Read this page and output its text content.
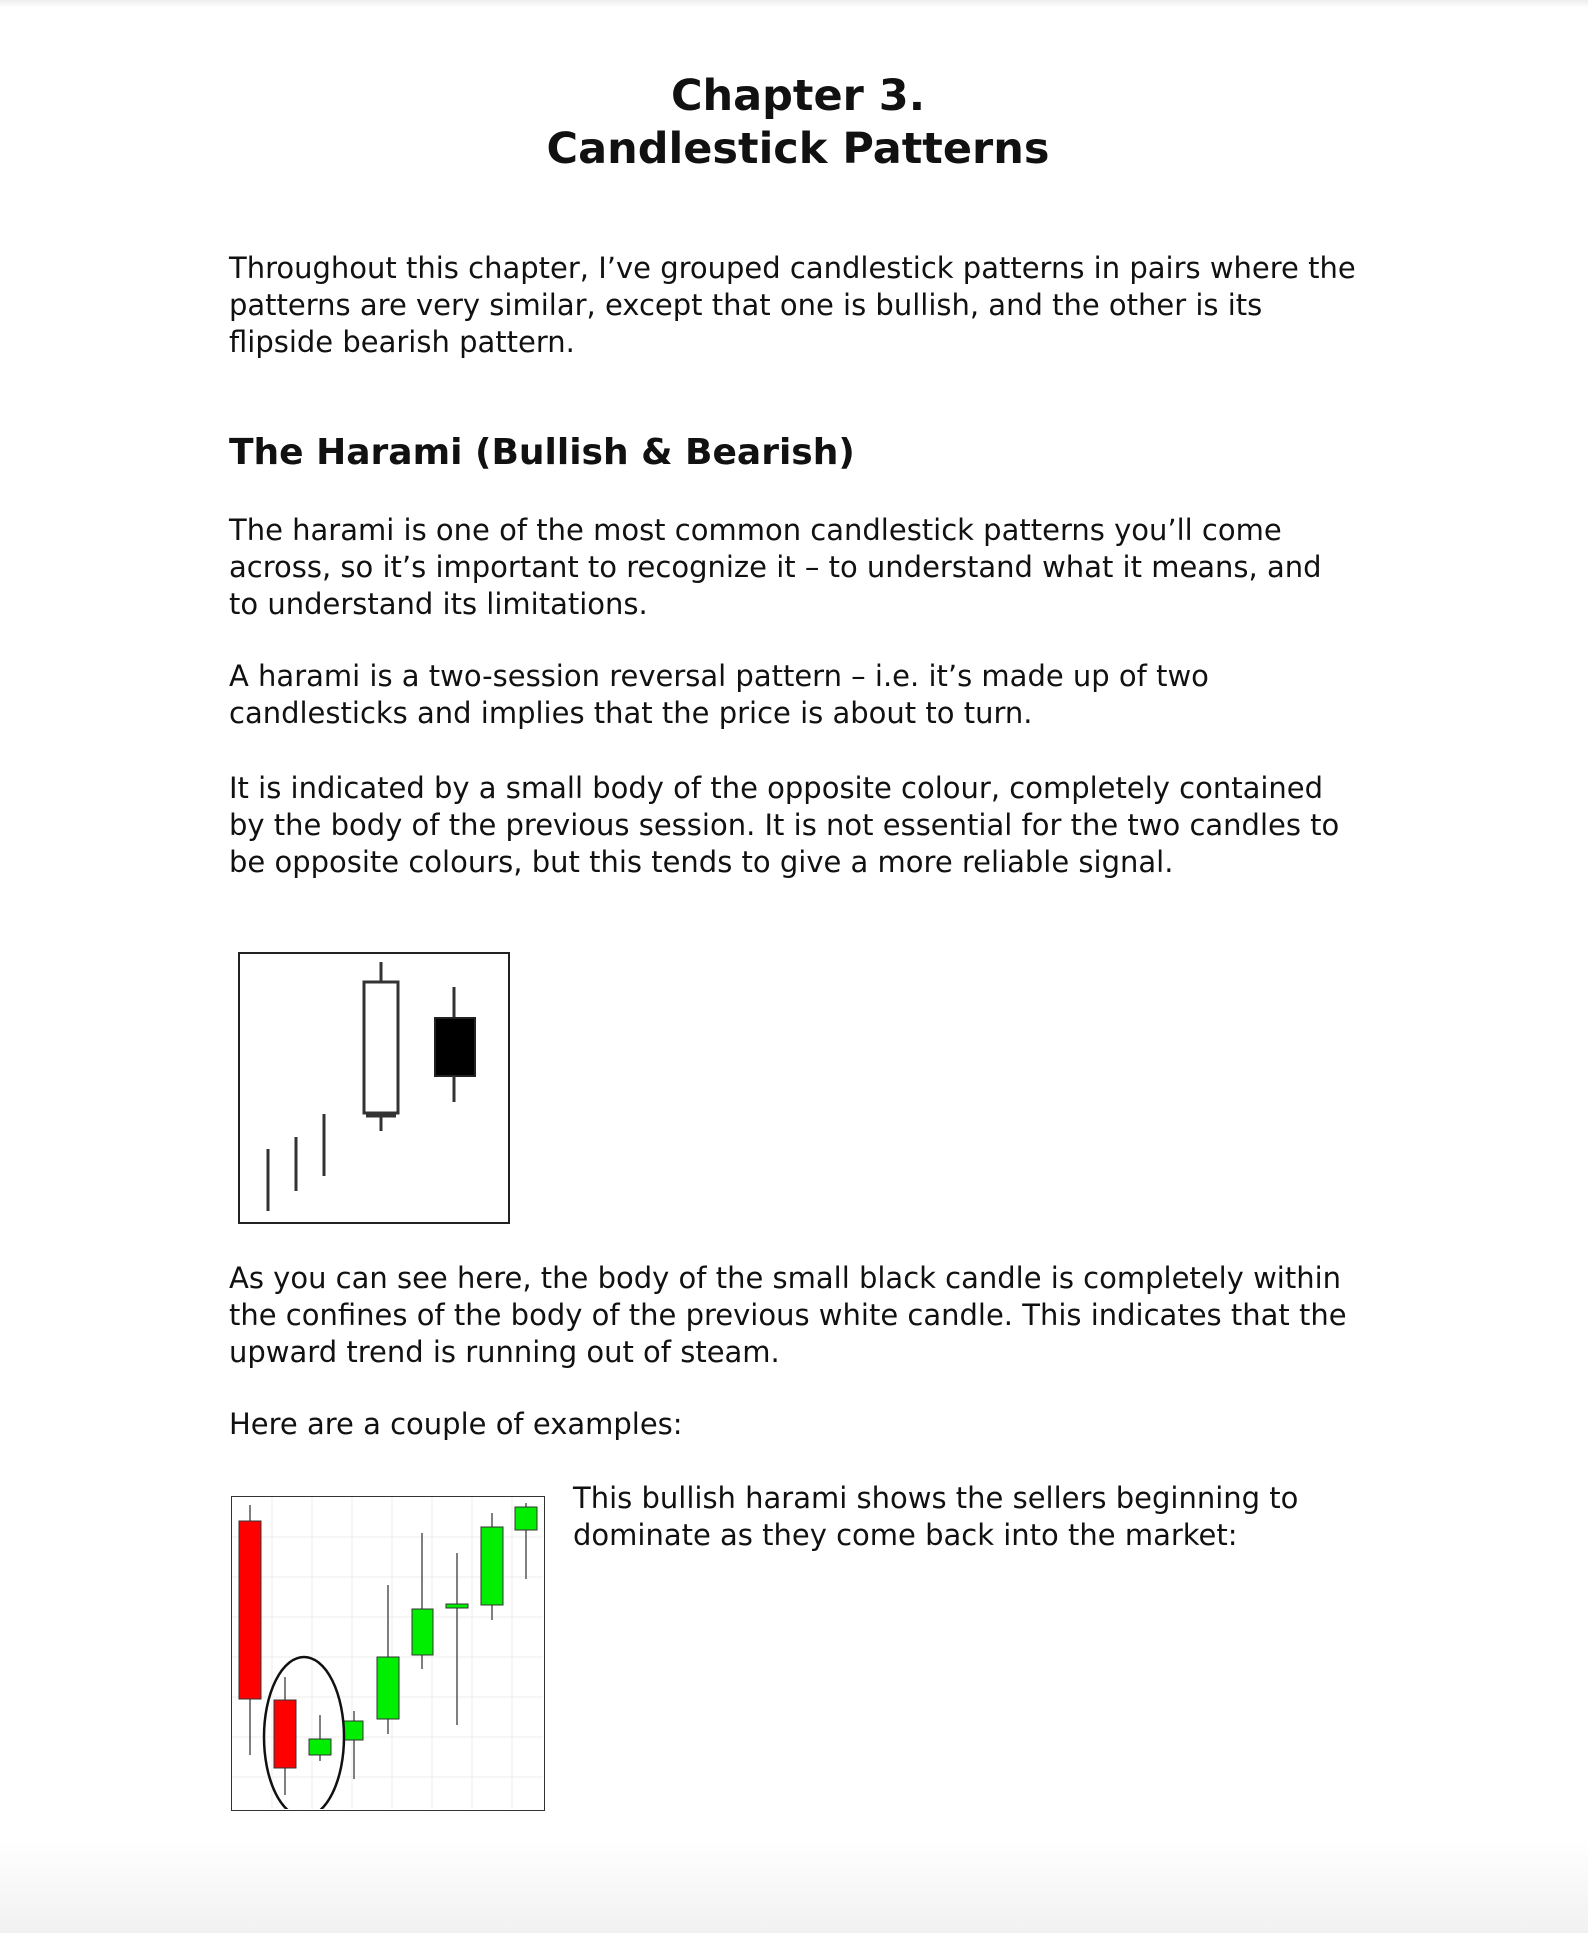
Chapter 3.
Candlestick Patterns

Throughout this chapter, I’ve grouped candlestick patterns in pairs where the patterns are very similar, except that one is bullish, and the other is its flipside bearish pattern.

The Harami (Bullish & Bearish)

The harami is one of the most common candlestick patterns you’ll come across, so it’s important to recognize it – to understand what it means, and to understand its limitations.

A harami is a two-session reversal pattern – i.e. it’s made up of two candlesticks and implies that the price is about to turn.

It is indicated by a small body of the opposite colour, completely contained by the body of the previous session. It is not essential for the two candles to be opposite colours, but this tends to give a more reliable signal.

As you can see here, the body of the small black candle is completely within the confines of the body of the previous white candle. This indicates that the upward trend is running out of steam.

Here are a couple of examples:

This bullish harami shows the sellers beginning to dominate as they come back into the market:
